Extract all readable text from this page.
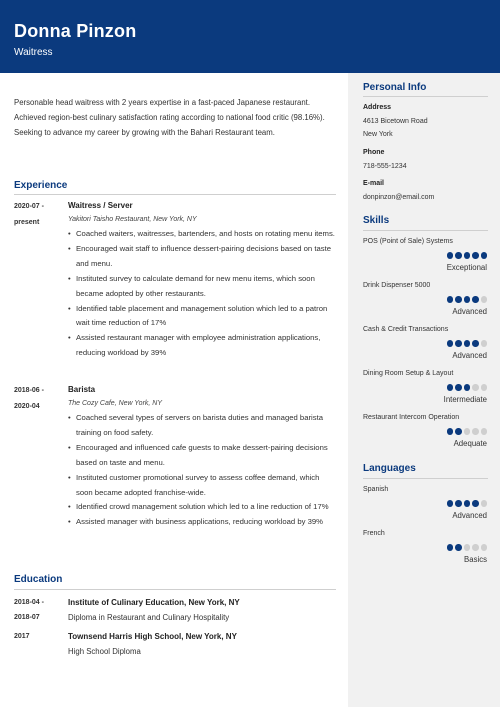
Donna Pinzon
Waitress

Personable head waitress with 2 years expertise in a fast-paced Japanese restaurant. Achieved region-best culinary satisfaction rating according to national food critic (98.16%). Seeking to advance my career by growing with the Bahari Restaurant team.

Experience
2020-07 -
present
Waitress / Server
Yakitori Taisho Restaurant, New York, NY
• Coached waiters, waitresses, bartenders, and hosts on rotating menu items.
• Encouraged wait staff to influence dessert-pairing decisions based on taste and menu.
• Instituted survey to calculate demand for new menu items, which soon became adopted by other restaurants.
• Identified table placement and management solution which led to a patron wait time reduction of 17%
• Assisted restaurant manager with employee administration applications, reducing workload by 39%
2018-06 -
2020-04
Barista
The Cozy Cafe, New York, NY
• Coached several types of servers on barista duties and managed barista training on food safety.
• Encouraged and influenced cafe guests to make dessert-pairing decisions based on taste and menu.
• Instituted customer promotional survey to assess coffee demand, which soon became adopted franchise-wide.
• Identified crowd management solution which led to a line reduction of 17%
• Assisted manager with business applications, reducing workload by 39%
Education
2018-04 -
2018-07
Institute of Culinary Education, New York, NY
Diploma in Restaurant and Culinary Hospitality
2017	Townsend Harris High School, New York, NY
High School Diploma
Personal Info
Address
4613 Bicetown Road
New York
Phone
718-555-1234
E-mail
donpinzon@email.com
Skills
POS (Point of Sale) Systems
Exceptional
Drink Dispenser 5000
Advanced
Cash & Credit Transactions
Advanced
Dining Room Setup & Layout
Intermediate
Restaurant Intercom Operation
Adequate
Languages
Spanish
Advanced
French
Basics
